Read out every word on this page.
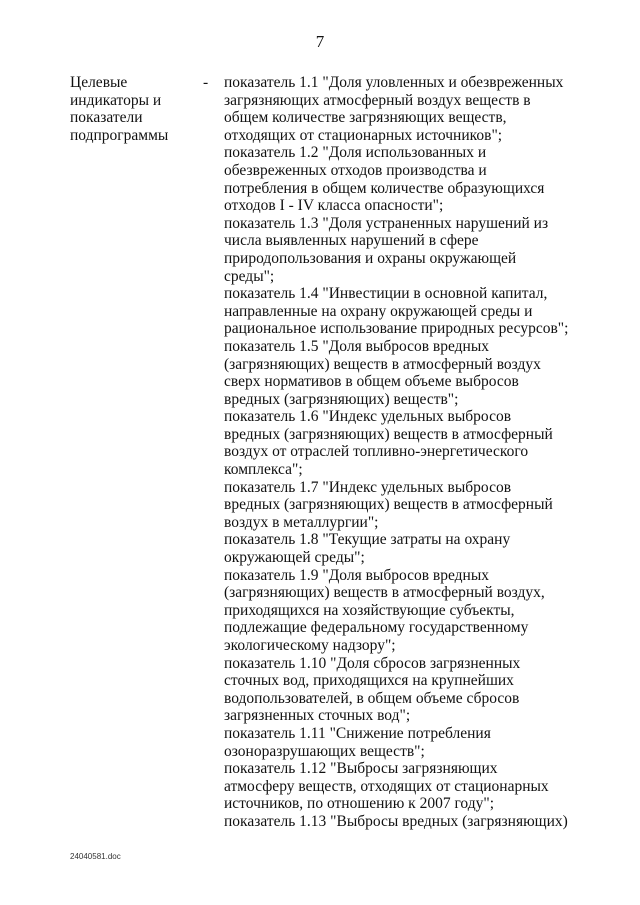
7
Целевые
индикаторы и
показатели
подпрограммы
- показатель 1.1 "Доля уловленных и обезвреженных
загрязняющих атмосферный воздух веществ в
общем количестве загрязняющих веществ,
отходящих от стационарных источников";
показатель 1.2 "Доля использованных и
обезвреженных отходов производства и
потребления в общем количестве образующихся
отходов I - IV класса опасности";
показатель 1.3 "Доля устраненных нарушений из
числа выявленных нарушений в сфере
природопользования и охраны окружающей
среды";
показатель 1.4 "Инвестиции в основной капитал,
направленные на охрану окружающей среды и
рациональное использование природных ресурсов";
показатель 1.5 "Доля выбросов вредных
(загрязняющих) веществ в атмосферный воздух
сверх нормативов в общем объеме выбросов
вредных (загрязняющих) веществ";
показатель 1.6 "Индекс удельных выбросов
вредных (загрязняющих) веществ в атмосферный
воздух от отраслей топливно-энергетического
комплекса";
показатель 1.7 "Индекс удельных выбросов
вредных (загрязняющих) веществ в атмосферный
воздух в металлургии";
показатель 1.8 "Текущие затраты на охрану
окружающей среды";
показатель 1.9 "Доля выбросов вредных
(загрязняющих) веществ в атмосферный воздух,
приходящихся на хозяйствующие субъекты,
подлежащие федеральному государственному
экологическому надзору";
показатель 1.10 "Доля сбросов загрязненных
сточных вод, приходящихся на крупнейших
водопользователей, в общем объеме сбросов
загрязненных сточных вод";
показатель 1.11 "Снижение потребления
озоноразрушающих веществ";
показатель 1.12 "Выбросы загрязняющих
атмосферу веществ, отходящих от стационарных
источников, по отношению к 2007 году";
показатель 1.13 "Выбросы вредных (загрязняющих)
24040581.doc
